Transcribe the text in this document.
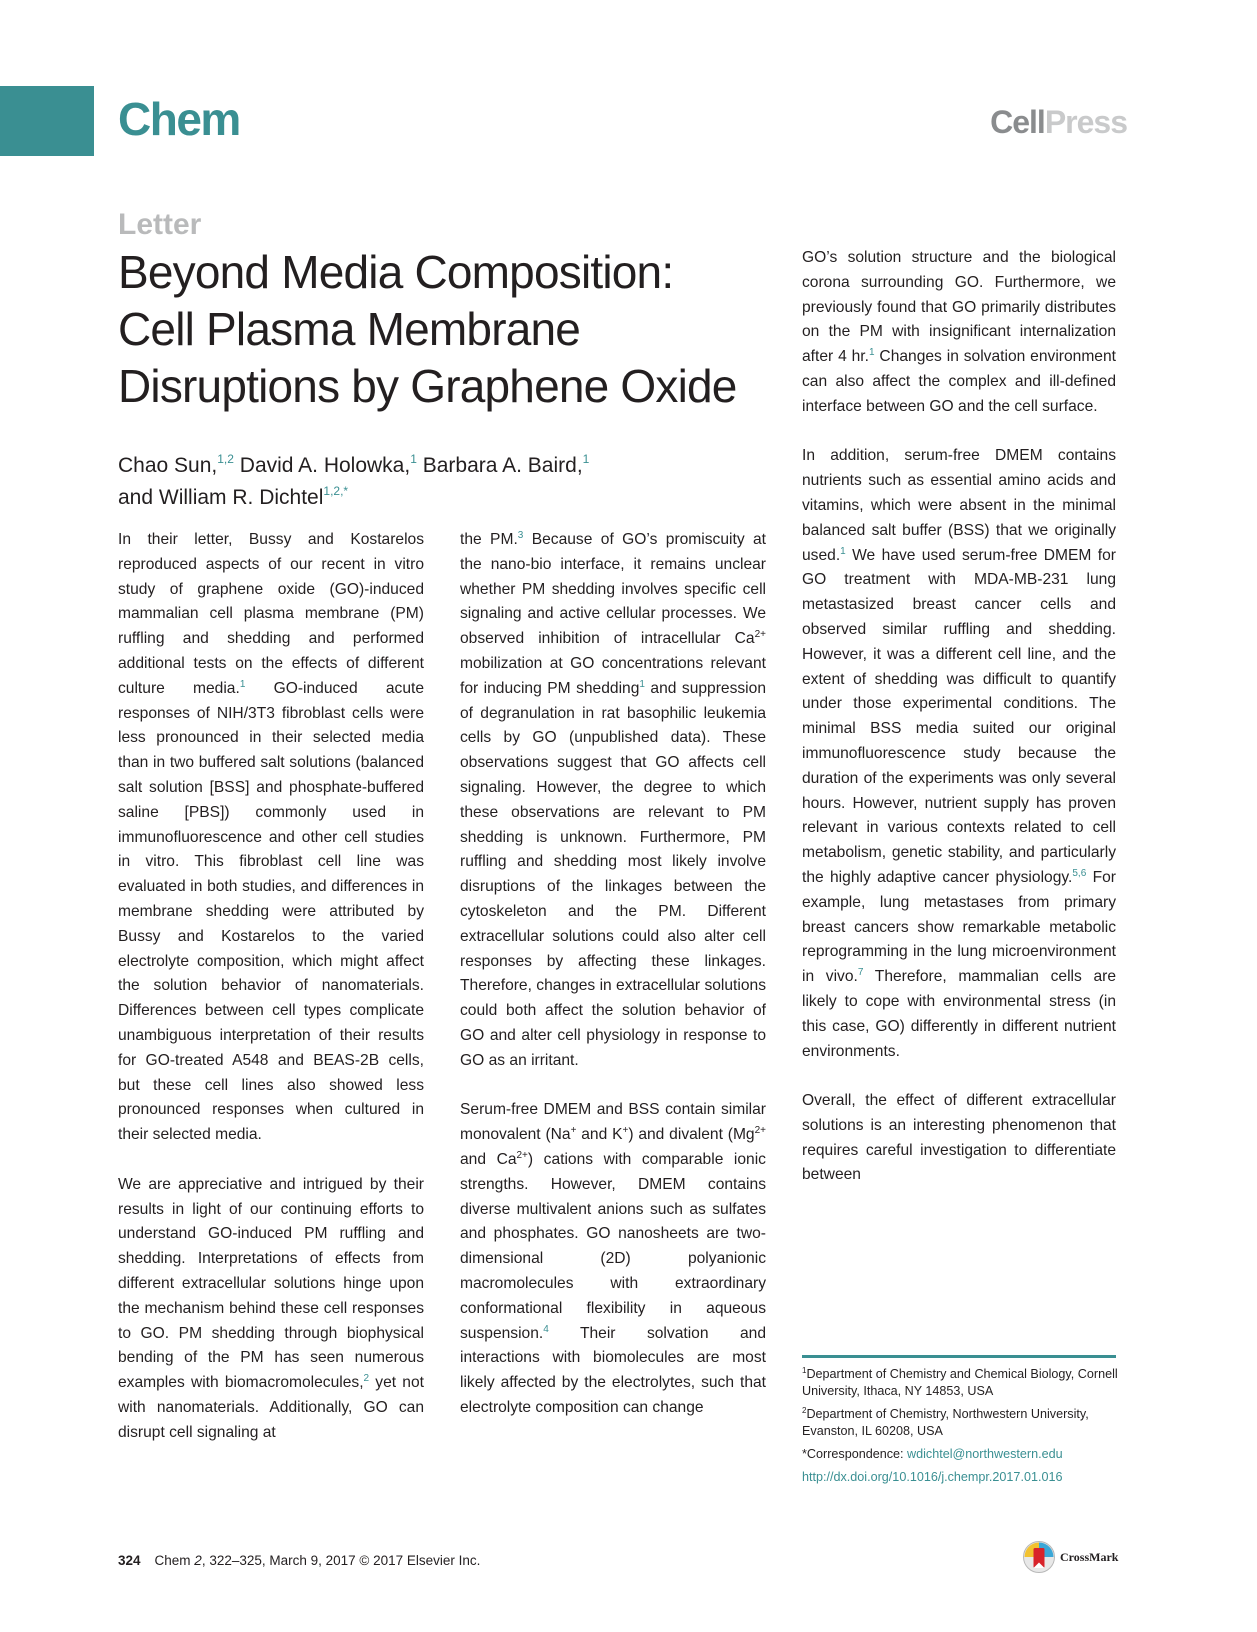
Chem	CellPress
Letter
Beyond Media Composition:
Cell Plasma Membrane
Disruptions by Graphene Oxide
Chao Sun,$^{1,2}$ David A. Holowka,$^1$ Barbara A. Baird,$^1$
and William R. Dichtel$^{1,2,*}$

In their letter, Bussy and Kostarelos reproduced aspects of our recent in vitro study of graphene oxide (GO)-induced mammalian cell plasma membrane (PM) ruffling and shedding and performed additional tests on the effects of different culture media.$^1$ GO-induced acute responses of NIH/3T3 fibroblast cells were less pronounced in their selected media than in two buffered salt solutions (balanced salt solution [BSS] and phosphate-buffered saline [PBS]) commonly used in immunofluorescence and other cell studies in vitro. This fibroblast cell line was evaluated in both studies, and differences in membrane shedding were attributed by Bussy and Kostarelos to the varied electrolyte composition, which might affect the solution behavior of nanomaterials. Differences between cell types complicate unambiguous interpretation of their results for GO-treated A548 and BEAS-2B cells, but these cell lines also showed less pronounced responses when cultured in their selected media.

We are appreciative and intrigued by their results in light of our continuing efforts to understand GO-induced PM ruffling and shedding. Interpretations of effects from different extracellular solutions hinge upon the mechanism behind these cell responses to GO. PM shedding through biophysical bending of the PM has seen numerous examples with biomacromolecules,$^2$ yet not with nanomaterials. Additionally, GO can disrupt cell signaling at

the PM.$^3$ Because of GO’s promiscuity at the nano-bio interface, it remains unclear whether PM shedding involves specific cell signaling and active cellular processes. We observed inhibition of intracellular $Ca^{2+}$ mobilization at GO concentrations relevant for inducing PM shedding$^1$ and suppression of degranulation in rat basophilic leukemia cells by GO (unpublished data). These observations suggest that GO affects cell signaling. However, the degree to which these observations are relevant to PM shedding is unknown. Furthermore, PM ruffling and shedding most likely involve disruptions of the linkages between the cytoskeleton and the PM. Different extracellular solutions could also alter cell responses by affecting these linkages. Therefore, changes in extracellular solutions could both affect the solution behavior of GO and alter cell physiology in response to GO as an irritant.

Serum-free DMEM and BSS contain similar monovalent (Na+ and K+) and divalent ($Mg^{2+}$ and $Ca^{2+}$) cations with comparable ionic strengths. However, DMEM contains diverse multivalent anions such as sulfates and phosphates. GO nanosheets are two-dimensional (2D) polyanionic macromolecules with extraordinary conformational flexibility in aqueous suspension.$^4$ Their solvation and interactions with biomolecules are most likely affected by the electrolytes, such that electrolyte composition can change

GO’s solution structure and the biological corona surrounding GO. Furthermore, we previously found that GO primarily distributes on the PM with insignificant internalization after 4 hr.$^1$ Changes in solvation environment can also affect the complex and ill-defined interface between GO and the cell surface.

In addition, serum-free DMEM contains nutrients such as essential amino acids and vitamins, which were absent in the minimal balanced salt buffer (BSS) that we originally used.$^1$ We have used serum-free DMEM for GO treatment with MDA-MB-231 lung metastasized breast cancer cells and observed similar ruffling and shedding. However, it was a different cell line, and the extent of shedding was difficult to quantify under those experimental conditions. The minimal BSS media suited our original immunofluorescence study because the duration of the experiments was only several hours. However, nutrient supply has proven relevant in various contexts related to cell metabolism, genetic stability, and particularly the highly adaptive cancer physiology.$^{5,6}$ For example, lung metastases from primary breast cancers show remarkable metabolic reprogramming in the lung microenvironment in vivo.$^7$ Therefore, mammalian cells are likely to cope with environmental stress (in this case, GO) differently in different nutrient environments.

Overall, the effect of different extracellular solutions is an interesting phenomenon that requires careful investigation to differentiate between

$^1$Department of Chemistry and Chemical Biology, Cornell University, Ithaca, NY 14853, USA

$^2$Department of Chemistry, Northwestern University, Evanston, IL 60208, USA

*Correspondence: wdichtel@northwestern.edu

http://dx.doi.org/10.1016/j.chempr.2017.01.016

324 Chem 2, 322–325, March 9, 2017 © 2017 Elsevier Inc.	CrossMark
